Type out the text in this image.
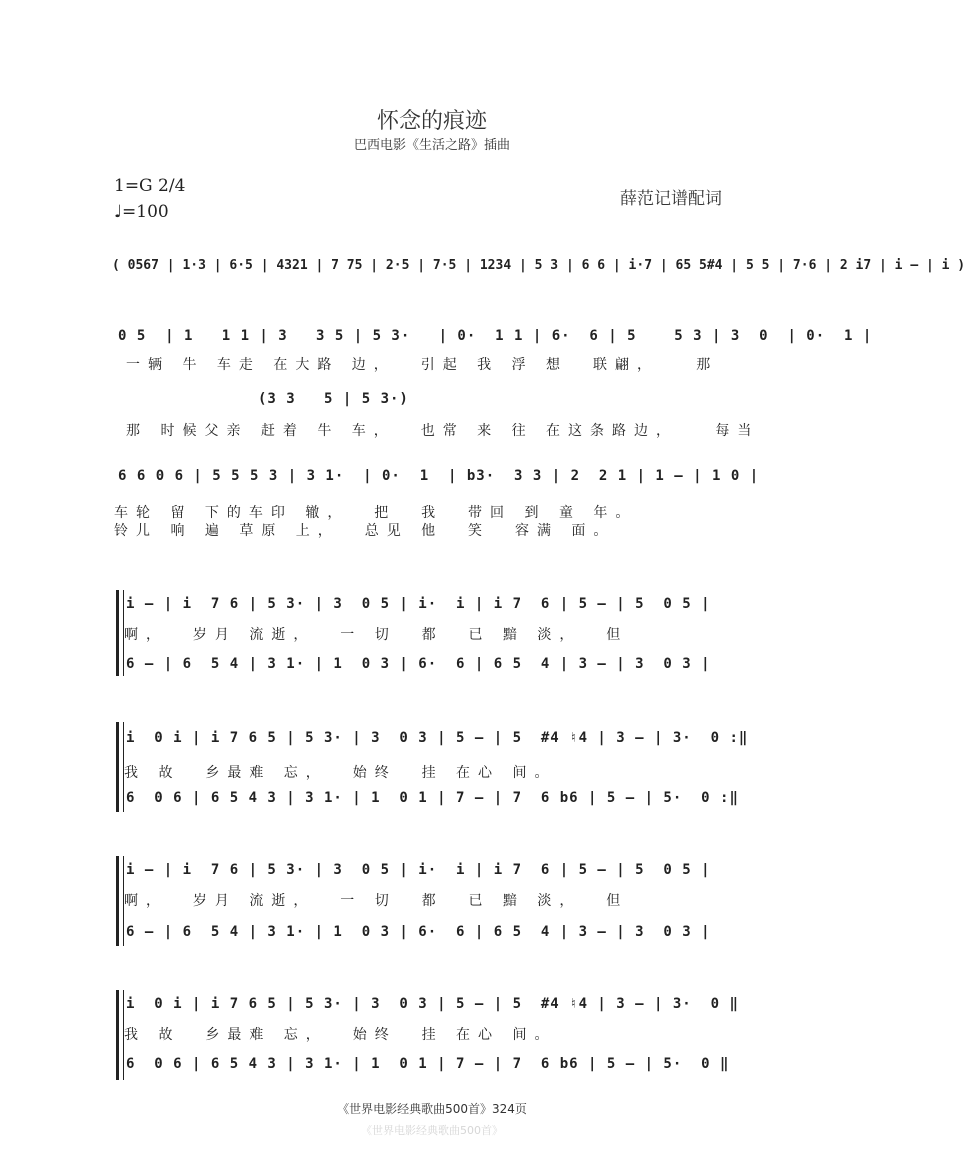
怀念的痕迹
巴西电影《生活之路》插曲
1=G 2/4
♩=100
薛范记谱配词
( 0567 | 1·3 | 6·5 | 4321 | 7 75 | 2·5 | 7·5 | 1234 | 5 3 | 6 6 | i·7 | 65 5#4 | 5 5 | 7·6 | 2 i7 | i – | i )
0 5  | 1   1 1 | 3   3 5 | 5 3·   | 0·  1 1 | 6·  6 | 5    5 3 | 3  0  | 0·  1 |
一辆 牛 车走 在大路 边，  引起 我 浮 想  联翩，   那
(3 3   5 | 5 3·)
那 时候父亲 赶着 牛 车，  也常 来 往 在这条路边，   每当
6 6 0 6 | 5 5 5 3 | 3 1·  | 0·  1  | b3·  3 3 | 2  2 1 | 1 – | 1 0 |
车轮 留 下的车印 辙，  把  我  带回 到 童 年。
铃儿 响 遍 草原 上，  总见 他  笑  容满 面。
i – | i  7 6 | 5 3· | 3  0 5 | i·  i | i 7  6 | 5 – | 5  0 5 |
啊，  岁月 流逝，  一 切  都  已 黯 淡，  但
6 – | 6  5 4 | 3 1· | 1  0 3 | 6·  6 | 6 5  4 | 3 – | 3  0 3 |
i  0 i | i 7 6 5 | 5 3· | 3  0 3 | 5 – | 5  #4 ♮4 | 3 – | 3·  0 :‖
我 故  乡最难 忘，  始终  挂 在心 间。
6  0 6 | 6 5 4 3 | 3 1· | 1  0 1 | 7 – | 7  6 b6 | 5 – | 5·  0 :‖
i – | i  7 6 | 5 3· | 3  0 5 | i·  i | i 7  6 | 5 – | 5  0 5 |
啊，  岁月 流逝，  一 切  都  已 黯 淡，  但
6 – | 6  5 4 | 3 1· | 1  0 3 | 6·  6 | 6 5  4 | 3 – | 3  0 3 |
i  0 i | i 7 6 5 | 5 3· | 3  0 3 | 5 – | 5  #4 ♮4 | 3 – | 3·  0 ‖
我 故  乡最难 忘，  始终  挂 在心 间。
6  0 6 | 6 5 4 3 | 3 1· | 1  0 1 | 7 – | 7  6 b6 | 5 – | 5·  0 ‖
《世界电影经典歌曲500首》324页
《世界电影经典歌曲500首》
